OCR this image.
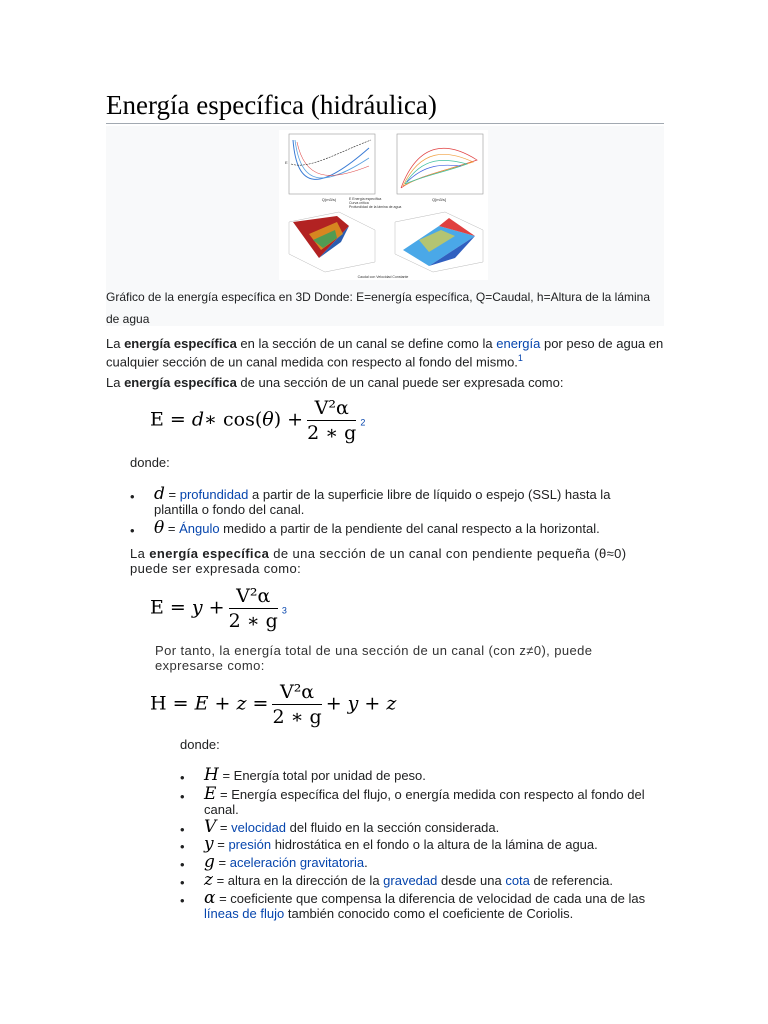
Energía específica (hidráulica)
Q(m3/s)
E
Q[m3/s]
E Energía específica
Curva crítica
Profundidad de la lámina de agua
Caudal con Velocidad Constante
Gráfico de la energía específica en 3D Donde: E=energía específica, Q=Caudal, h=Altura de la lámina de agua
La energía específica en la sección de un canal se define como la energía por peso de agua en cualquier sección de un canal medida con respecto al fondo del mismo.$^1$
La energía específica de una sección de un canal puede ser expresada como:
E = d∗ $\cos(\theta) + \frac{\text{V²α}}{2 ∗ g} 2$
donde:
• d = profundidad a partir de la superficie libre de líquido o espejo (SSL) hasta la plantilla o fondo del canal.
• θ = Ángulo medido a partir de la pendiente del canal respecto a la horizontal.
La energía específica de una sección de un canal con pendiente pequeña (θ≈0) puede ser expresada como:
$E = y + \frac{\text{V²α}}{2 ∗ g} 3$
Por tanto, la energía total de una sección de un canal (con z≠0), puede expresarse como:
$H = E + z = \frac{\text{V²α}}{2 ∗ g} + y + z$
donde:
• H = Energía total por unidad de peso.
• E = Energía específica del flujo, o energía medida con respecto al fondo del canal.
• V = velocidad del fluido en la sección considerada.
• y = presión hidrostática en el fondo o la altura de la lámina de agua.
• g = aceleración gravitatoria.
• z = altura en la dirección de la gravedad desde una cota de referencia.
• α = coeficiente que compensa la diferencia de velocidad de cada una de las líneas de flujo también conocido como el coeficiente de Coriolis.
